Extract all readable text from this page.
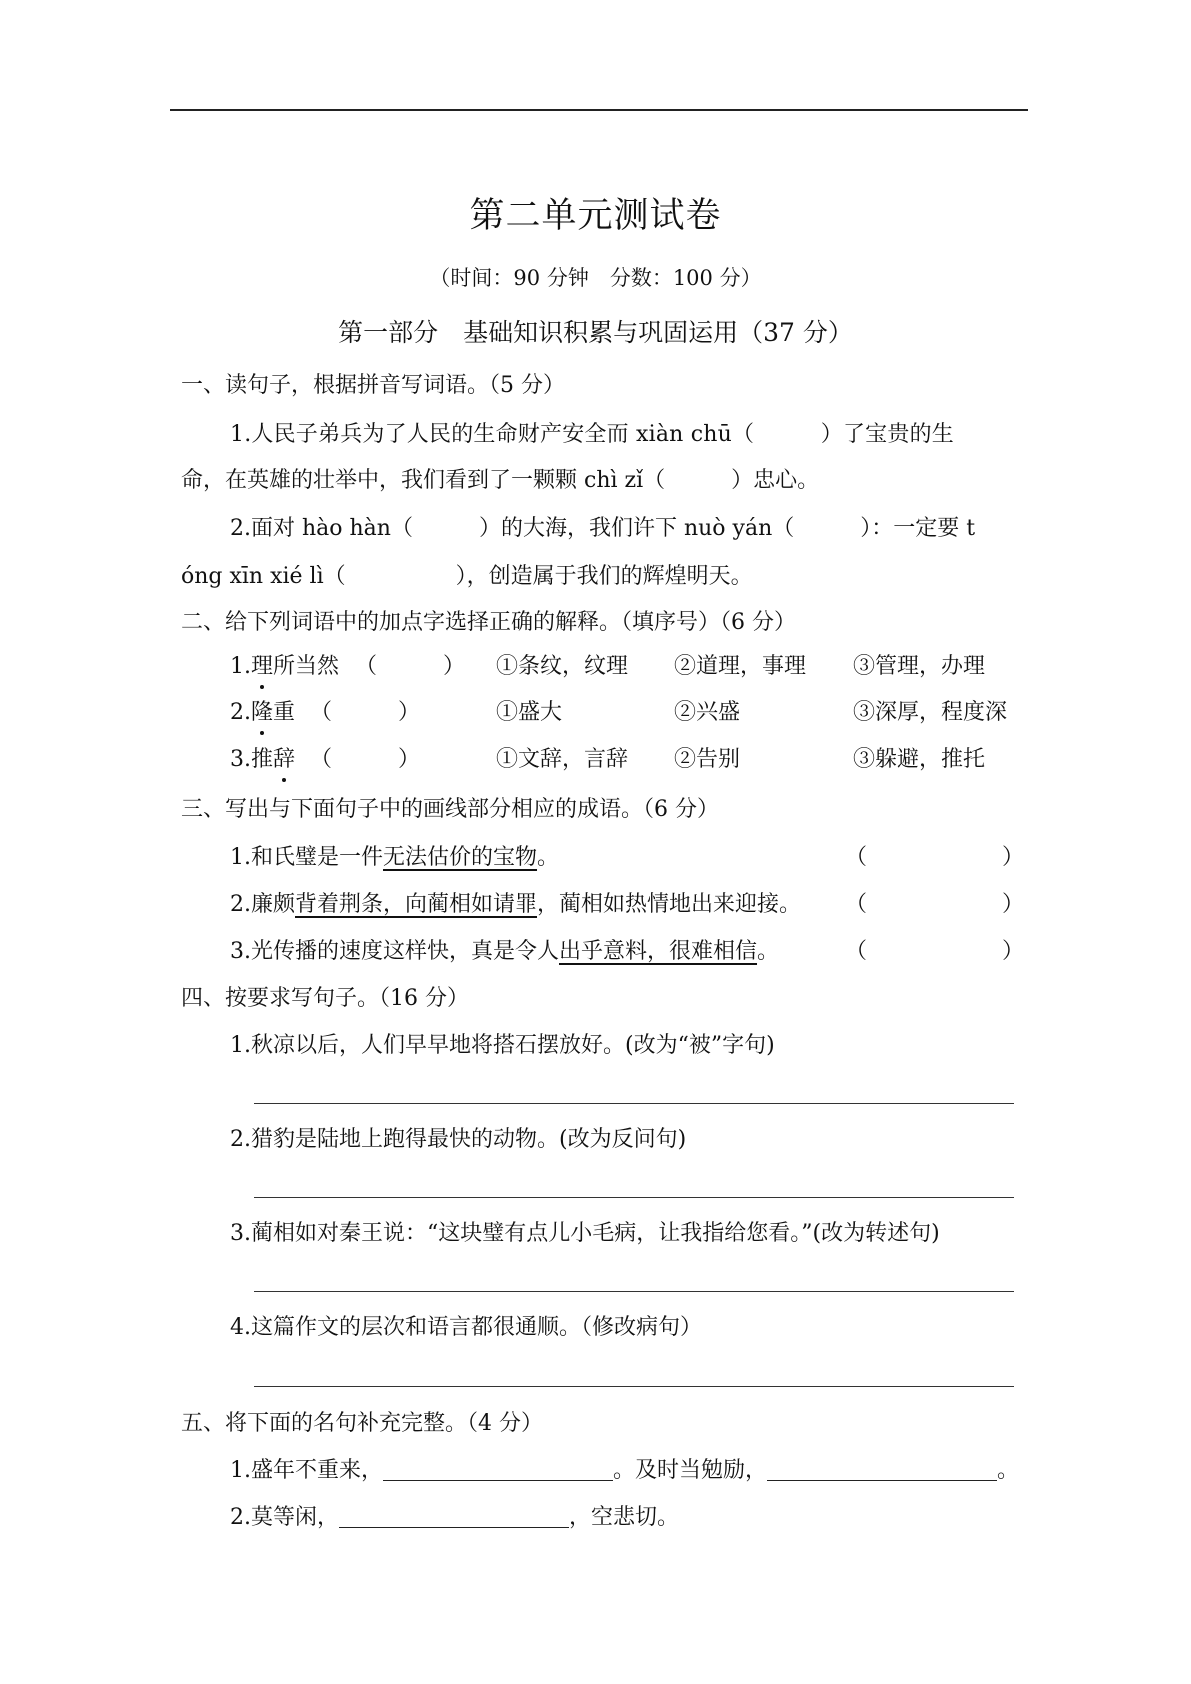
第二单元测试卷
（时间：90 分钟　分数：100 分）
第一部分　基础知识积累与巩固运用（37 分）
一、读句子，根据拼音写词语。（5 分）
1.人民子弟兵为了人民的生命财产安全而 xiàn chū（　　　）了宝贵的生
命，在英雄的壮举中，我们看到了一颗颗 chì zǐ（　　　）忠心。
2.面对 hào hàn（　　　）的大海，我们许下 nuò yán（　　　）：一定要 t
óng xīn xié lì（　　　　　），创造属于我们的辉煌明天。
二、给下列词语中的加点字选择正确的解释。（填序号）（6 分）
1.理所当然 （　　　） ①条纹，纹理 ②道理，事理 ③管理，办理
2.隆重 （　　　）	①盛大	②兴盛	③深厚，程度深
3.推辞 （　　　）	①文辞，言辞 ②告别	③躲避，推托
三、写出与下面句子中的画线部分相应的成语。（6 分）
1.和氏璧是一件无法估价的宝物。	（	）
2.廉颇背着荆条，向蔺相如请罪，蔺相如热情地出来迎接。 （	）
3.光传播的速度这样快，真是令人出乎意料，很难相信。	（	）
四、按要求写句子。（16 分）
1.秋凉以后，人们早早地将搭石摆放好。(改为“被”字句)
2.猎豹是陆地上跑得最快的动物。(改为反问句)
3.蔺相如对秦王说：“这块璧有点儿小毛病，让我指给您看。”(改为转述句)
4.这篇作文的层次和语言都很通顺。（修改病句）
五、将下面的名句补充完整。（4 分）
1.盛年不重来，	。及时当勉励，	。
2.莫等闲，	，空悲切。
